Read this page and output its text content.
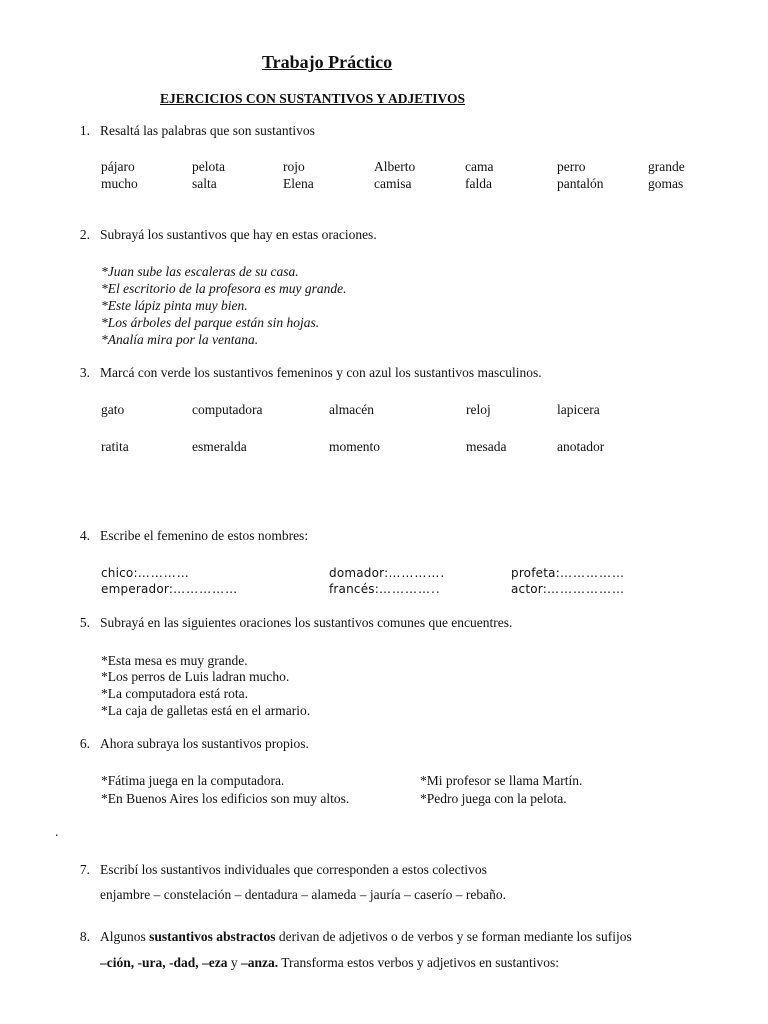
Trabajo Práctico
EJERCICIOS CON SUSTANTIVOS Y ADJETIVOS
1. Resaltá las palabras que son sustantivos
pájaro	pelota	rojo	Alberto	cama	perro	grande
mucho	salta	Elena	camisa	falda	pantalón	gomas
2. Subrayá los sustantivos que hay en estas oraciones.
*Juan sube las escaleras de su casa.
*El escritorio de la profesora es muy grande.
*Este lápiz pinta muy bien.
*Los árboles del parque están sin hojas.
*Analía mira por la ventana.
3. Marcá con verde los sustantivos femeninos y con azul los sustantivos masculinos.
gato	computadora	almacén	reloj	lapicera
ratita	esmeralda	momento	mesada	anotador
4. Escribe el femenino de estos nombres:
chico:…………	domador:………….	profeta:……………
emperador:……………	francés:…………..	actor:………………
5. Subrayá en las siguientes oraciones los sustantivos comunes que encuentres.
*Esta mesa es muy grande.
*Los perros de Luis ladran mucho.
*La computadora está rota.
*La caja de galletas está en el armario.
6. Ahora subraya los sustantivos propios.
*Fátima juega en la computadora.
*En Buenos Aires los edificios son muy altos.
*Mi profesor se llama Martín.
*Pedro juega con la pelota.
.
7. Escribí los sustantivos individuales que corresponden a estos colectivos
enjambre – constelación – dentadura – alameda – jauría – caserío – rebaño.
8. Algunos sustantivos abstractos derivan de adjetivos o de verbos y se forman mediante los sufijos
–ción, -ura, -dad, –eza y –anza. Transforma estos verbos y adjetivos en sustantivos:
